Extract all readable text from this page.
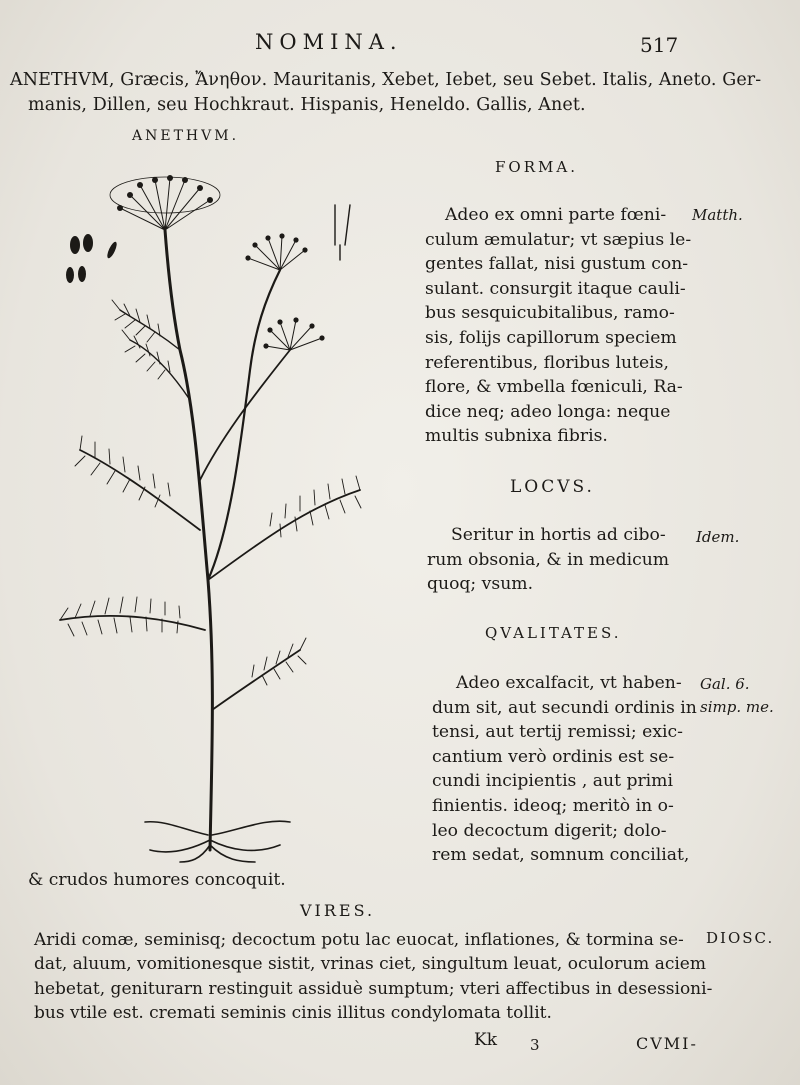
NOMINA.	517
ANETHVM, Græcis, Ἄνηθον. Mauritanis, Xebet, Iebet, seu Sebet. Italis, Aneto. Ger-
manis, Dillen, seu Hochkraut. Hispanis, Heneldo. Gallis, Anet.
ANETHVM.
FORMA.
Adeo ex omni parte fœni-
culum æmulatur; vt sæpius le-
gentes fallat, nisi gustum con-
sulant. consurgit itaque cauli-
bus sesquicubitalibus, ramo-
sis, folijs capillorum speciem
referentibus, floribus luteis,
flore, & vmbella fœniculi, Ra-
dice neq; adeo longa: neque
multis subnixa fibris.
Matth.
LOCVS.
Seritur in hortis ad cibo-
rum obsonia, & in medicum
quoq; vsum.
Idem.
QVALITATES.
Adeo excalfacit, vt haben-
dum sit, aut secundi ordinis in
tensi, aut tertij remissi; exic-
cantium verò ordinis est se-
cundi incipientis , aut primi
finientis. ideoq; meritò in o-
leo decoctum digerit; dolo-
rem sedat, somnum conciliat,
Gal. 6.
simp. me.
& crudos humores concoquit.
VIRES.
Aridi comæ, seminisq; decoctum potu lac euocat, inflationes, & tormina se-
dat, aluum, vomitionesque sistit, vrinas ciet, singultum leuat, oculorum aciem
hebetat, geniturarn restinguit assiduè sumptum; vteri affectibus in desessioni-
bus vtile est. cremati seminis cinis illitus condylomata tollit.
DIOSC.
Kk 3	CVMI-
